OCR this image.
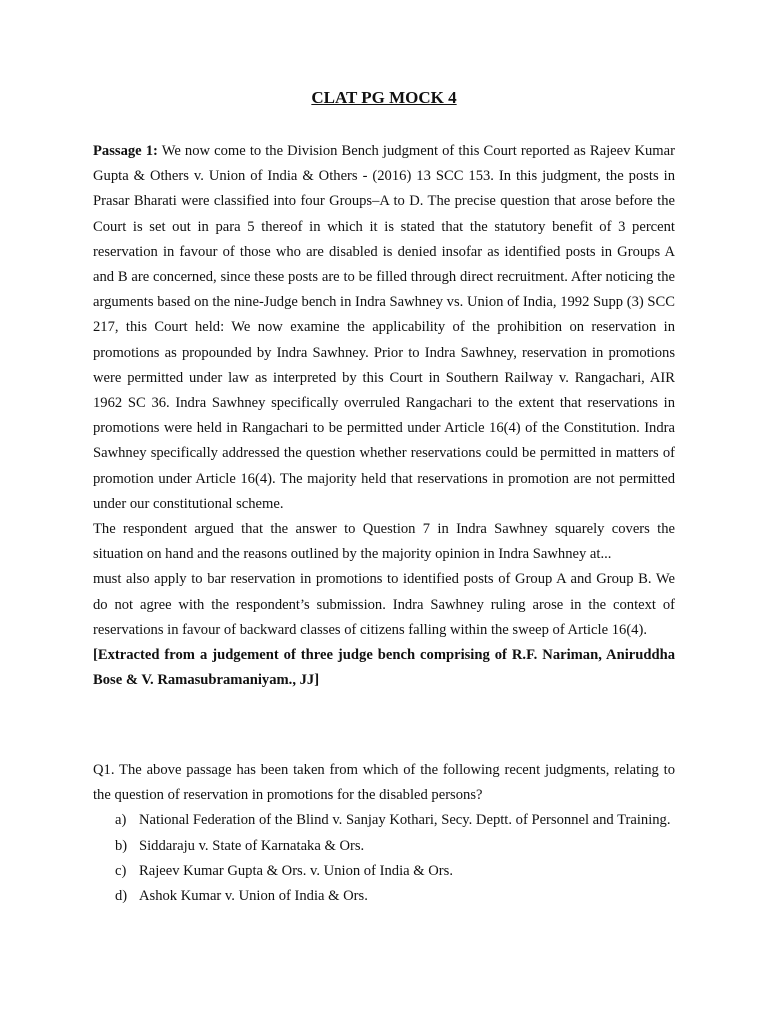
CLAT PG MOCK 4

Passage 1: We now come to the Division Bench judgment of this Court reported as Rajeev Kumar Gupta & Others v. Union of India & Others - (2016) 13 SCC 153. In this judgment, the posts in Prasar Bharati were classified into four Groups–A to D. The precise question that arose before the Court is set out in para 5 thereof in which it is stated that the statutory benefit of 3 percent reservation in favour of those who are disabled is denied insofar as identified posts in Groups A and B are concerned, since these posts are to be filled through direct recruitment. After noticing the arguments based on the nine-Judge bench in Indra Sawhney vs. Union of India, 1992 Supp (3) SCC 217, this Court held: We now examine the applicability of the prohibition on reservation in promotions as propounded by Indra Sawhney. Prior to Indra Sawhney, reservation in promotions were permitted under law as interpreted by this Court in Southern Railway v. Rangachari, AIR 1962 SC 36. Indra Sawhney specifically overruled Rangachari to the extent that reservations in promotions were held in Rangachari to be permitted under Article 16(4) of the Constitution. Indra Sawhney specifically addressed the question whether reservations could be permitted in matters of promotion under Article 16(4). The majority held that reservations in promotion are not permitted under our constitutional scheme.

The respondent argued that the answer to Question 7 in Indra Sawhney squarely covers the situation on hand and the reasons outlined by the majority opinion in Indra Sawhney at...

must also apply to bar reservation in promotions to identified posts of Group A and Group B. We do not agree with the respondent’s submission. Indra Sawhney ruling arose in the context of reservations in favour of backward classes of citizens falling within the sweep of Article 16(4).

[Extracted from a judgement of three judge bench comprising of R.F. Nariman, Aniruddha Bose & V. Ramasubramaniyam., JJ]

Q1. The above passage has been taken from which of the following recent judgments, relating to the question of reservation in promotions for the disabled persons?

a) National Federation of the Blind v. Sanjay Kothari, Secy. Deptt. of Personnel and Training.
b) Siddaraju v. State of Karnataka & Ors.
c) Rajeev Kumar Gupta & Ors. v. Union of India & Ors.
d) Ashok Kumar v. Union of India & Ors.
